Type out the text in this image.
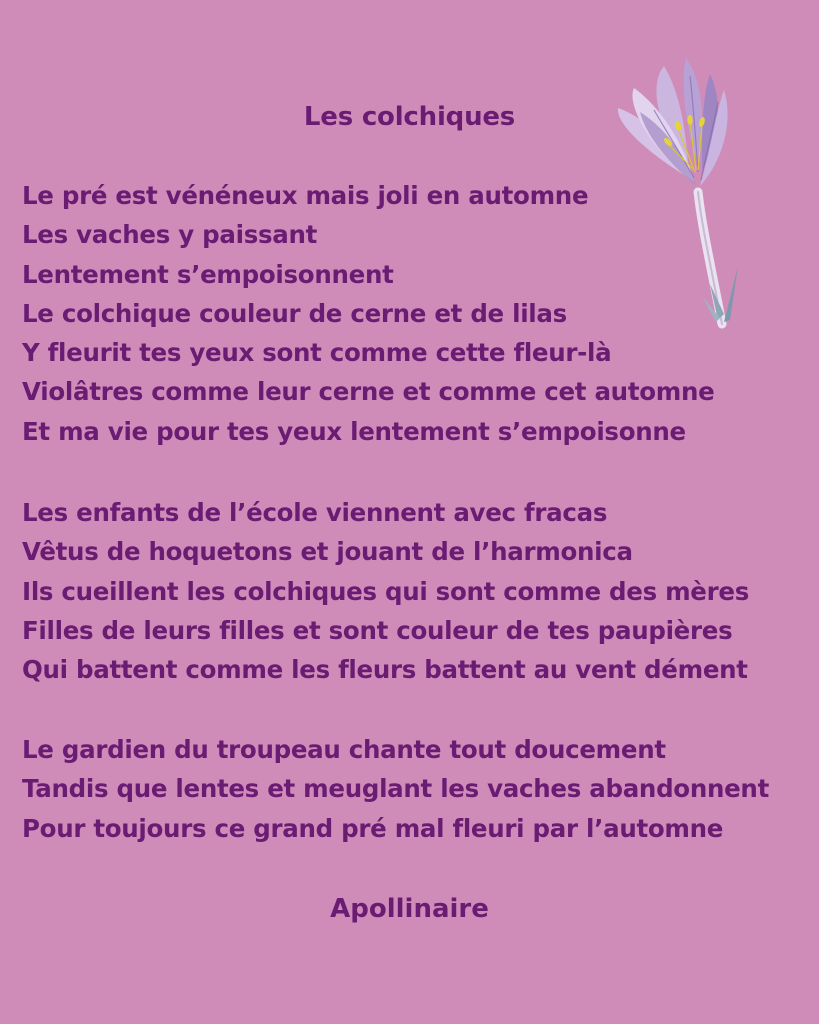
Les colchiques
Le pré est vénéneux mais joli en automne
Les vaches y paissant
Lentement s’empoisonnent
Le colchique couleur de cerne et de lilas
Y fleurit tes yeux sont comme cette fleur-là
Violâtres comme leur cerne et comme cet automne
Et ma vie pour tes yeux lentement s’empoisonne
Les enfants de l’école viennent avec fracas
Vêtus de hoquetons et jouant de l’harmonica
Ils cueillent les colchiques qui sont comme des mères
Filles de leurs filles et sont couleur de tes paupières
Qui battent comme les fleurs battent au vent dément
Le gardien du troupeau chante tout doucement
Tandis que lentes et meuglant les vaches abandonnent
Pour toujours ce grand pré mal fleuri par l’automne
Apollinaire
